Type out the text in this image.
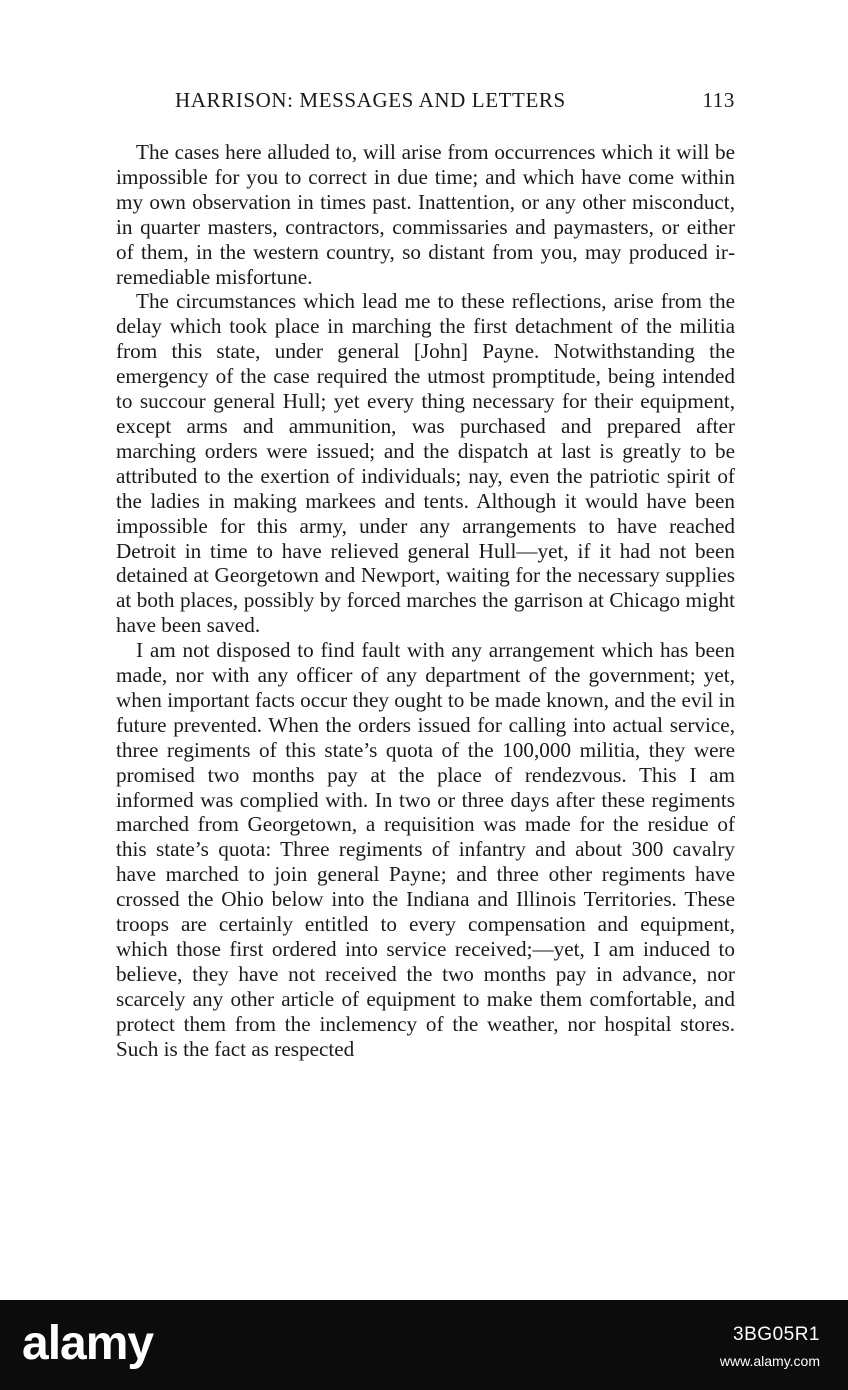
HARRISON: MESSAGES AND LETTERS	113

The cases here alluded to, will arise from occurrences which it will be impossible for you to correct in due time; and which have come within my own observation in times past. Inattention, or any other misconduct, in quarter masters, contractors, commissaries and paymasters, or either of them, in the western country, so distant from you, may produced irremediable misfortune.

The circumstances which lead me to these reflections, arise from the delay which took place in marching the first detachment of the militia from this state, under general [John] Payne. Notwithstanding the emergency of the case required the utmost promptitude, being intended to succour general Hull; yet every thing necessary for their equipment, except arms and ammunition, was purchased and prepared after marching orders were issued; and the dispatch at last is greatly to be attributed to the exertion of individuals; nay, even the patriotic spirit of the ladies in making markees and tents. Although it would have been impossible for this army, under any arrangements to have reached Detroit in time to have relieved general Hull—yet, if it had not been detained at Georgetown and Newport, waiting for the necessary supplies at both places, possibly by forced marches the garrison at Chicago might have been saved.

I am not disposed to find fault with any arrangement which has been made, nor with any officer of any department of the government; yet, when important facts occur they ought to be made known, and the evil in future prevented. When the orders issued for calling into actual service, three regiments of this state’s quota of the 100,000 militia, they were promised two months pay at the place of rendezvous. This I am informed was complied with. In two or three days after these regiments marched from Georgetown, a requisition was made for the residue of this state’s quota: Three regiments of infantry and about 300 cavalry have marched to join general Payne; and three other regiments have crossed the Ohio below into the Indiana and Illinois Territories. These troops are certainly entitled to every compensation and equipment, which those first ordered into service received;—yet, I am induced to believe, they have not received the two months pay in advance, nor scarcely any other article of equipment to make them comfortable, and protect them from the inclemency of the weather, nor hospital stores. Such is the fact as respected

alamy	3BG05R1
www.alamy.com
